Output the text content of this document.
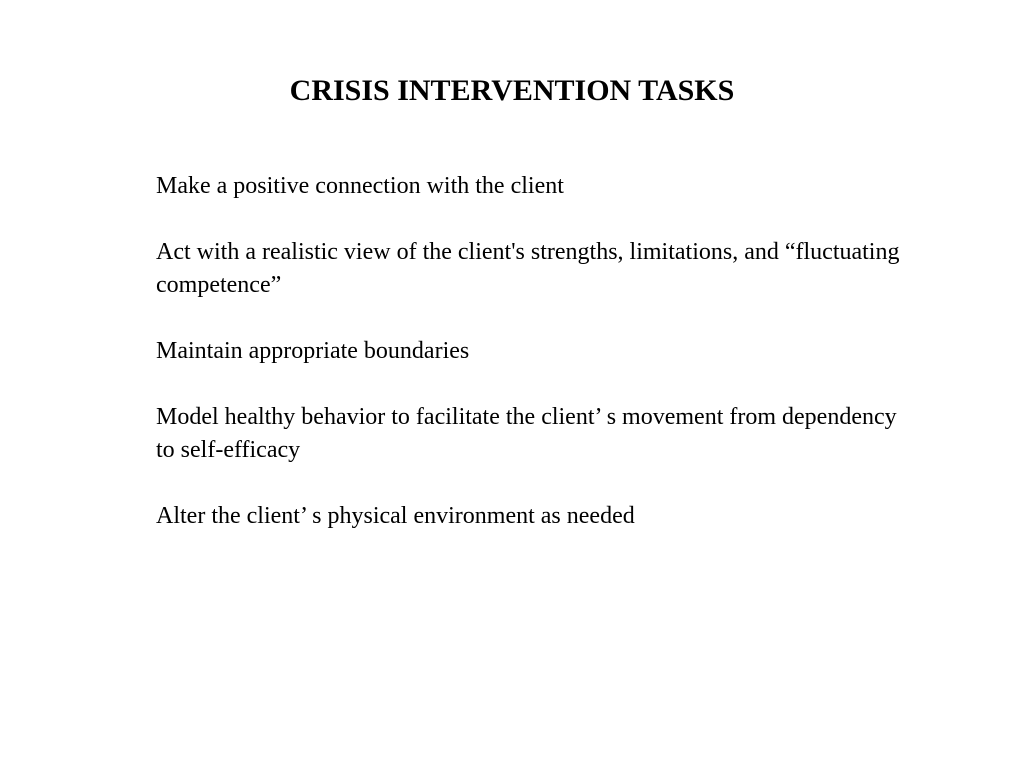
CRISIS INTERVENTION TASKS
Make a positive connection with the client
Act with a realistic view of the client's strengths, limitations, and “fluctuating competence”
Maintain appropriate boundaries
Model healthy behavior to facilitate the client’ s movement from dependency to self-efficacy
Alter the client’ s physical environment as needed
